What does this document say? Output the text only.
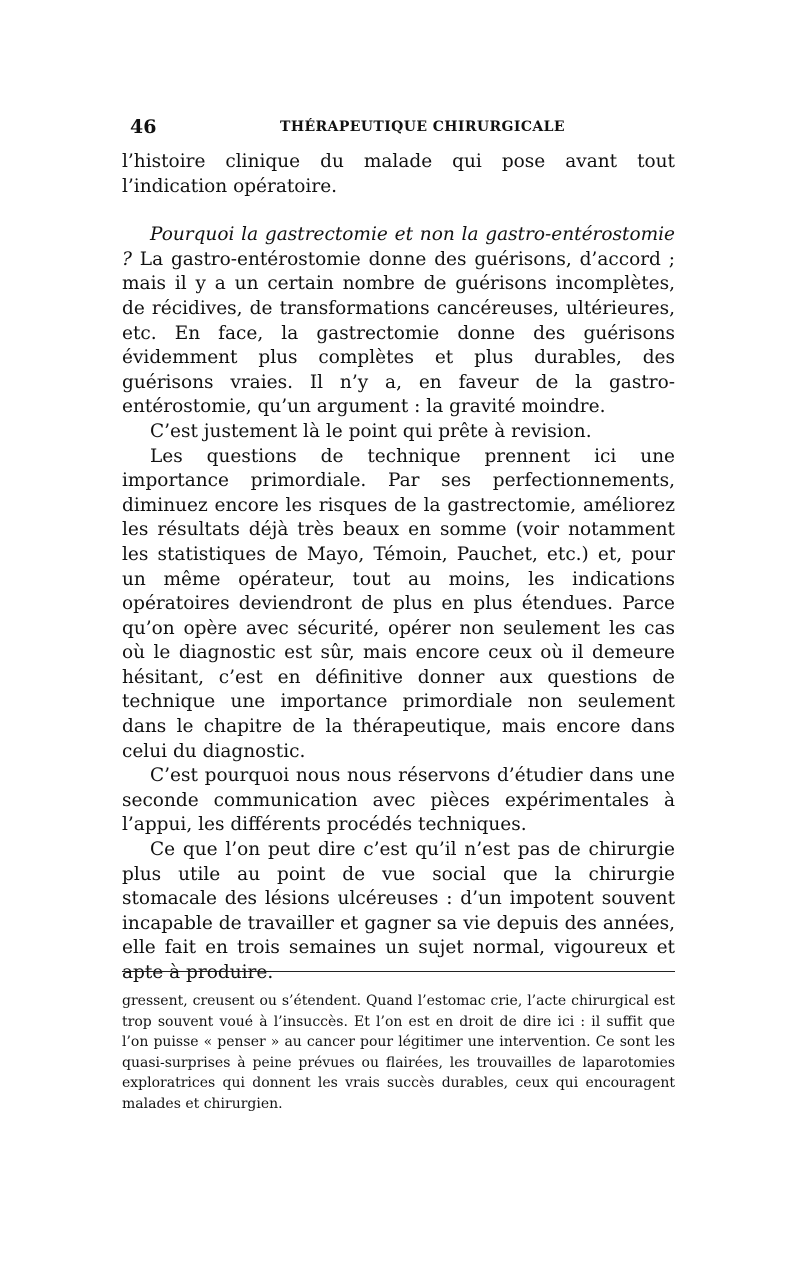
46	THÉRAPEUTIQUE CHIRURGICALE

l’histoire clinique du malade qui pose avant tout l’indication opératoire.

Pourquoi la gastrectomie et non la gastro-entérostomie ? La gastro-entérostomie donne des guérisons, d’accord ; mais il y a un certain nombre de guérisons incomplètes, de récidives, de transformations cancéreuses, ultérieures, etc. En face, la gastrectomie donne des guérisons évidemment plus complètes et plus durables, des guérisons vraies. Il n’y a, en faveur de la gastro-entérostomie, qu’un argument : la gravité moindre.

C’est justement là le point qui prête à revision.

Les questions de technique prennent ici une importance primordiale. Par ses perfectionnements, diminuez encore les risques de la gastrectomie, améliorez les résultats déjà très beaux en somme (voir notamment les statistiques de Mayo, Témoin, Pauchet, etc.) et, pour un même opérateur, tout au moins, les indications opératoires deviendront de plus en plus étendues. Parce qu’on opère avec sécurité, opérer non seulement les cas où le diagnostic est sûr, mais encore ceux où il demeure hésitant, c’est en définitive donner aux questions de technique une importance primordiale non seulement dans le chapitre de la thérapeutique, mais encore dans celui du diagnostic.

C’est pourquoi nous nous réservons d’étudier dans une seconde communication avec pièces expérimentales à l’appui, les différents procédés techniques.

Ce que l’on peut dire c’est qu’il n’est pas de chirurgie plus utile au point de vue social que la chirurgie stomacale des lésions ulcéreuses : d’un impotent souvent incapable de travailler et gagner sa vie depuis des années, elle fait en trois semaines un sujet normal, vigoureux et apte à produire.

gressent, creusent ou s’étendent. Quand l’estomac crie, l’acte chirurgical est trop souvent voué à l’insuccès. Et l’on est en droit de dire ici : il suffit que l’on puisse « penser » au cancer pour légitimer une intervention. Ce sont les quasi-surprises à peine prévues ou flairées, les trouvailles de laparotomies exploratrices qui donnent les vrais succès durables, ceux qui encouragent malades et chirurgien.
